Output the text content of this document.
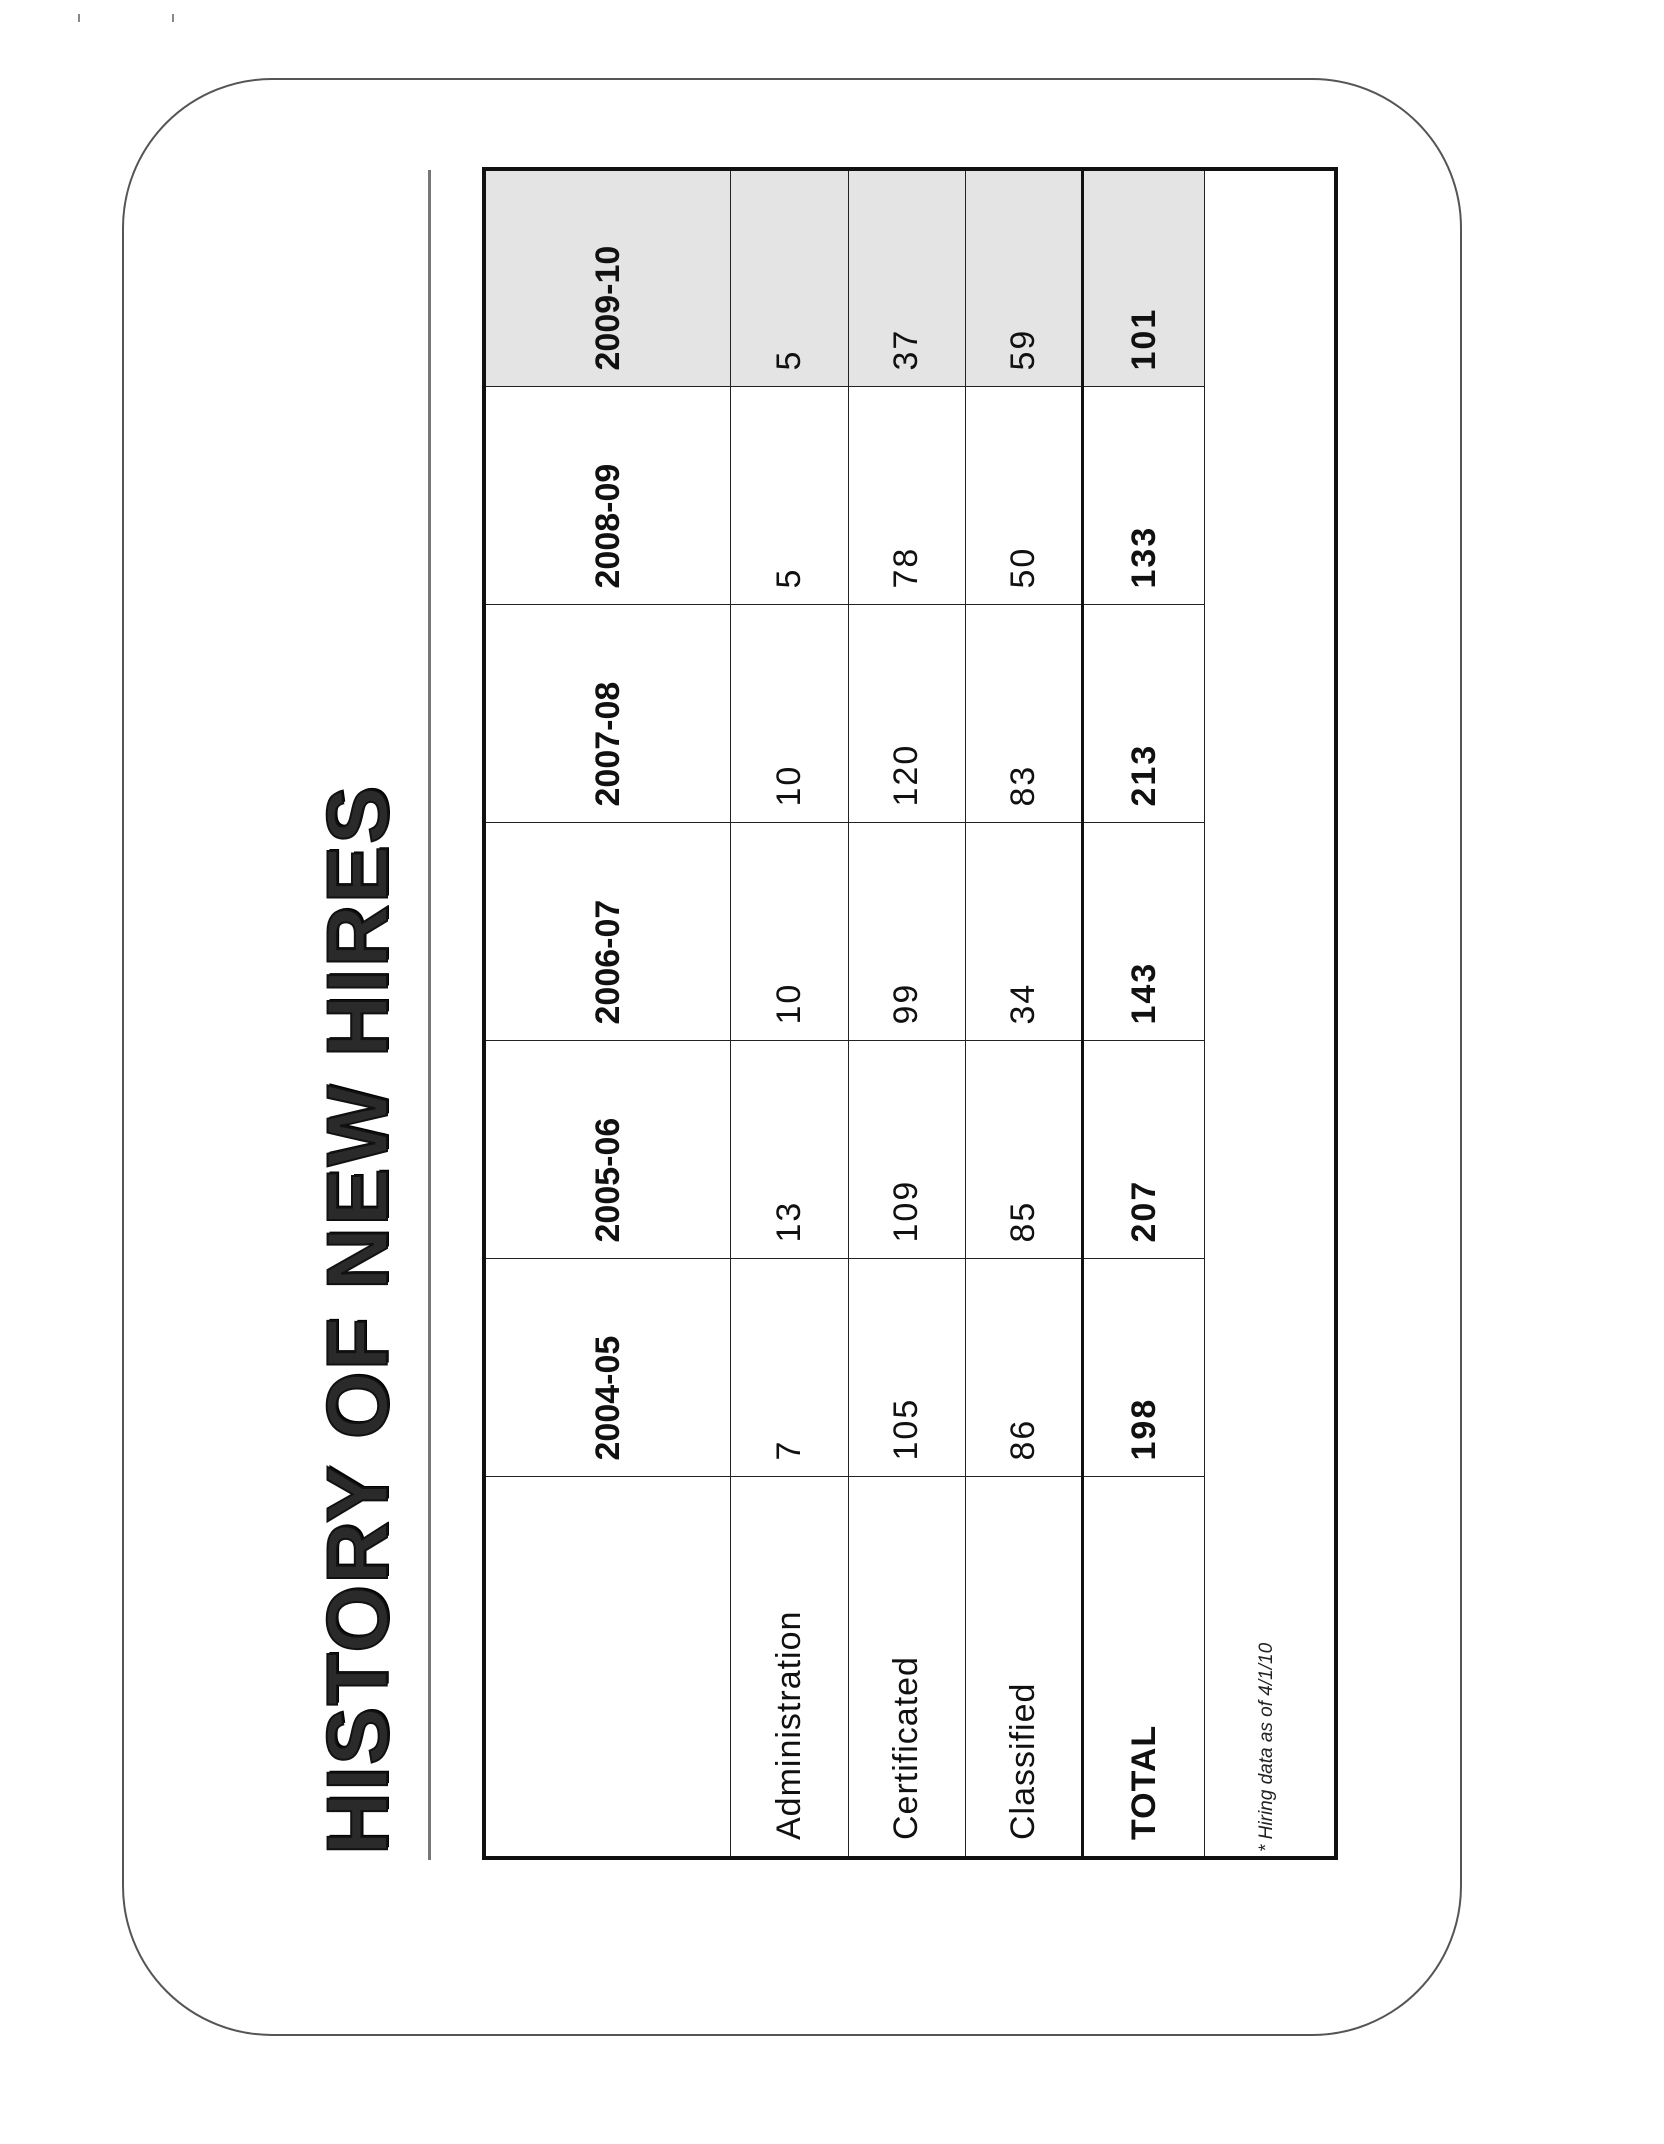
HISTORY OF NEW HIRES
		2004-05	2005-06	2006-07	2007-08	2008-09	2009-10
Administration	7	13	10	10	5	5
Certificated	105	109	99	120	78	37
Classified	86	85	34	83	50	59
TOTAL	198	207	143	213	133	101

* Hiring data as of 4/1/10
